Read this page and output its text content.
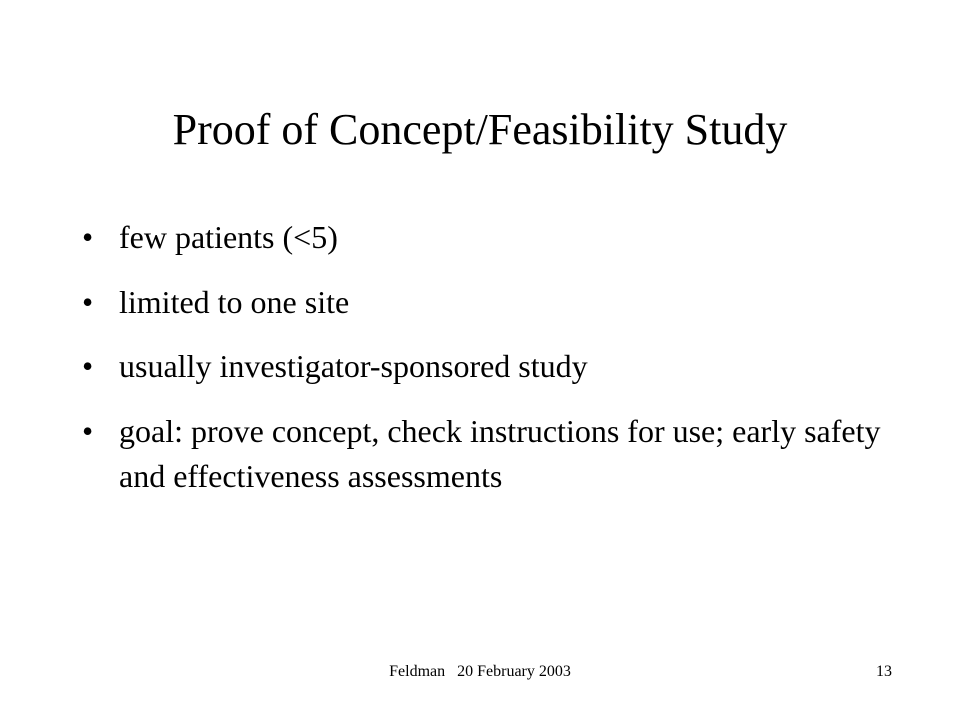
Proof of Concept/Feasibility Study
• few patients (<5)
• limited to one site
• usually investigator-sponsored study
• goal: prove concept, check instructions for use; early safety and effectiveness assessments
Feldman   20 February 2003	13
